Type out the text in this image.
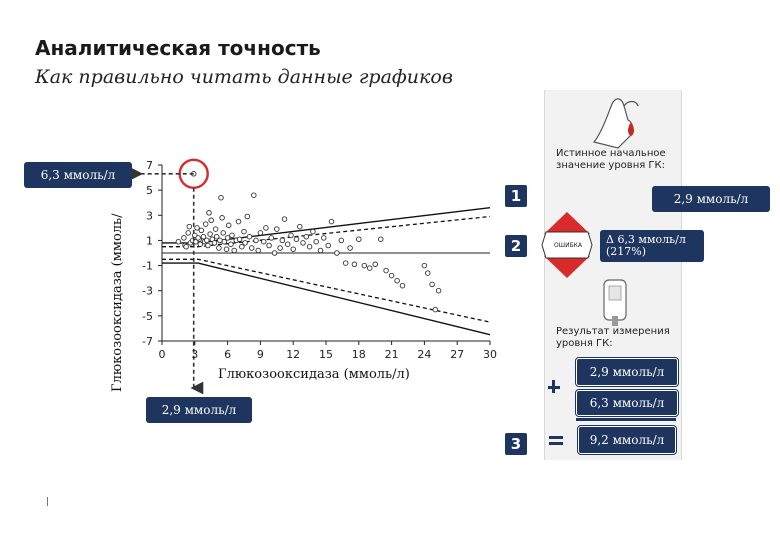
Аналитическая точность
Как правильно читать данные графиков
7
5
3
1
-1
-3
-5
-7
0 3 6 9 12 15 18 21 24 27 30
Глюкозооксидаза (ммоль/	Глюкозооксидаза (ммоль/л)
6,3 ммоль/л
2,9 ммоль/л
Истинное начальное значение уровня ГК:
2,9 ммоль/л
ОШИБКА	Δ 6,3 ммоль/л (217%)
Результат измерения уровня ГК:
2,9 ммоль/л
6,3 ммоль/л
9,2 ммоль/л
1
2
3
